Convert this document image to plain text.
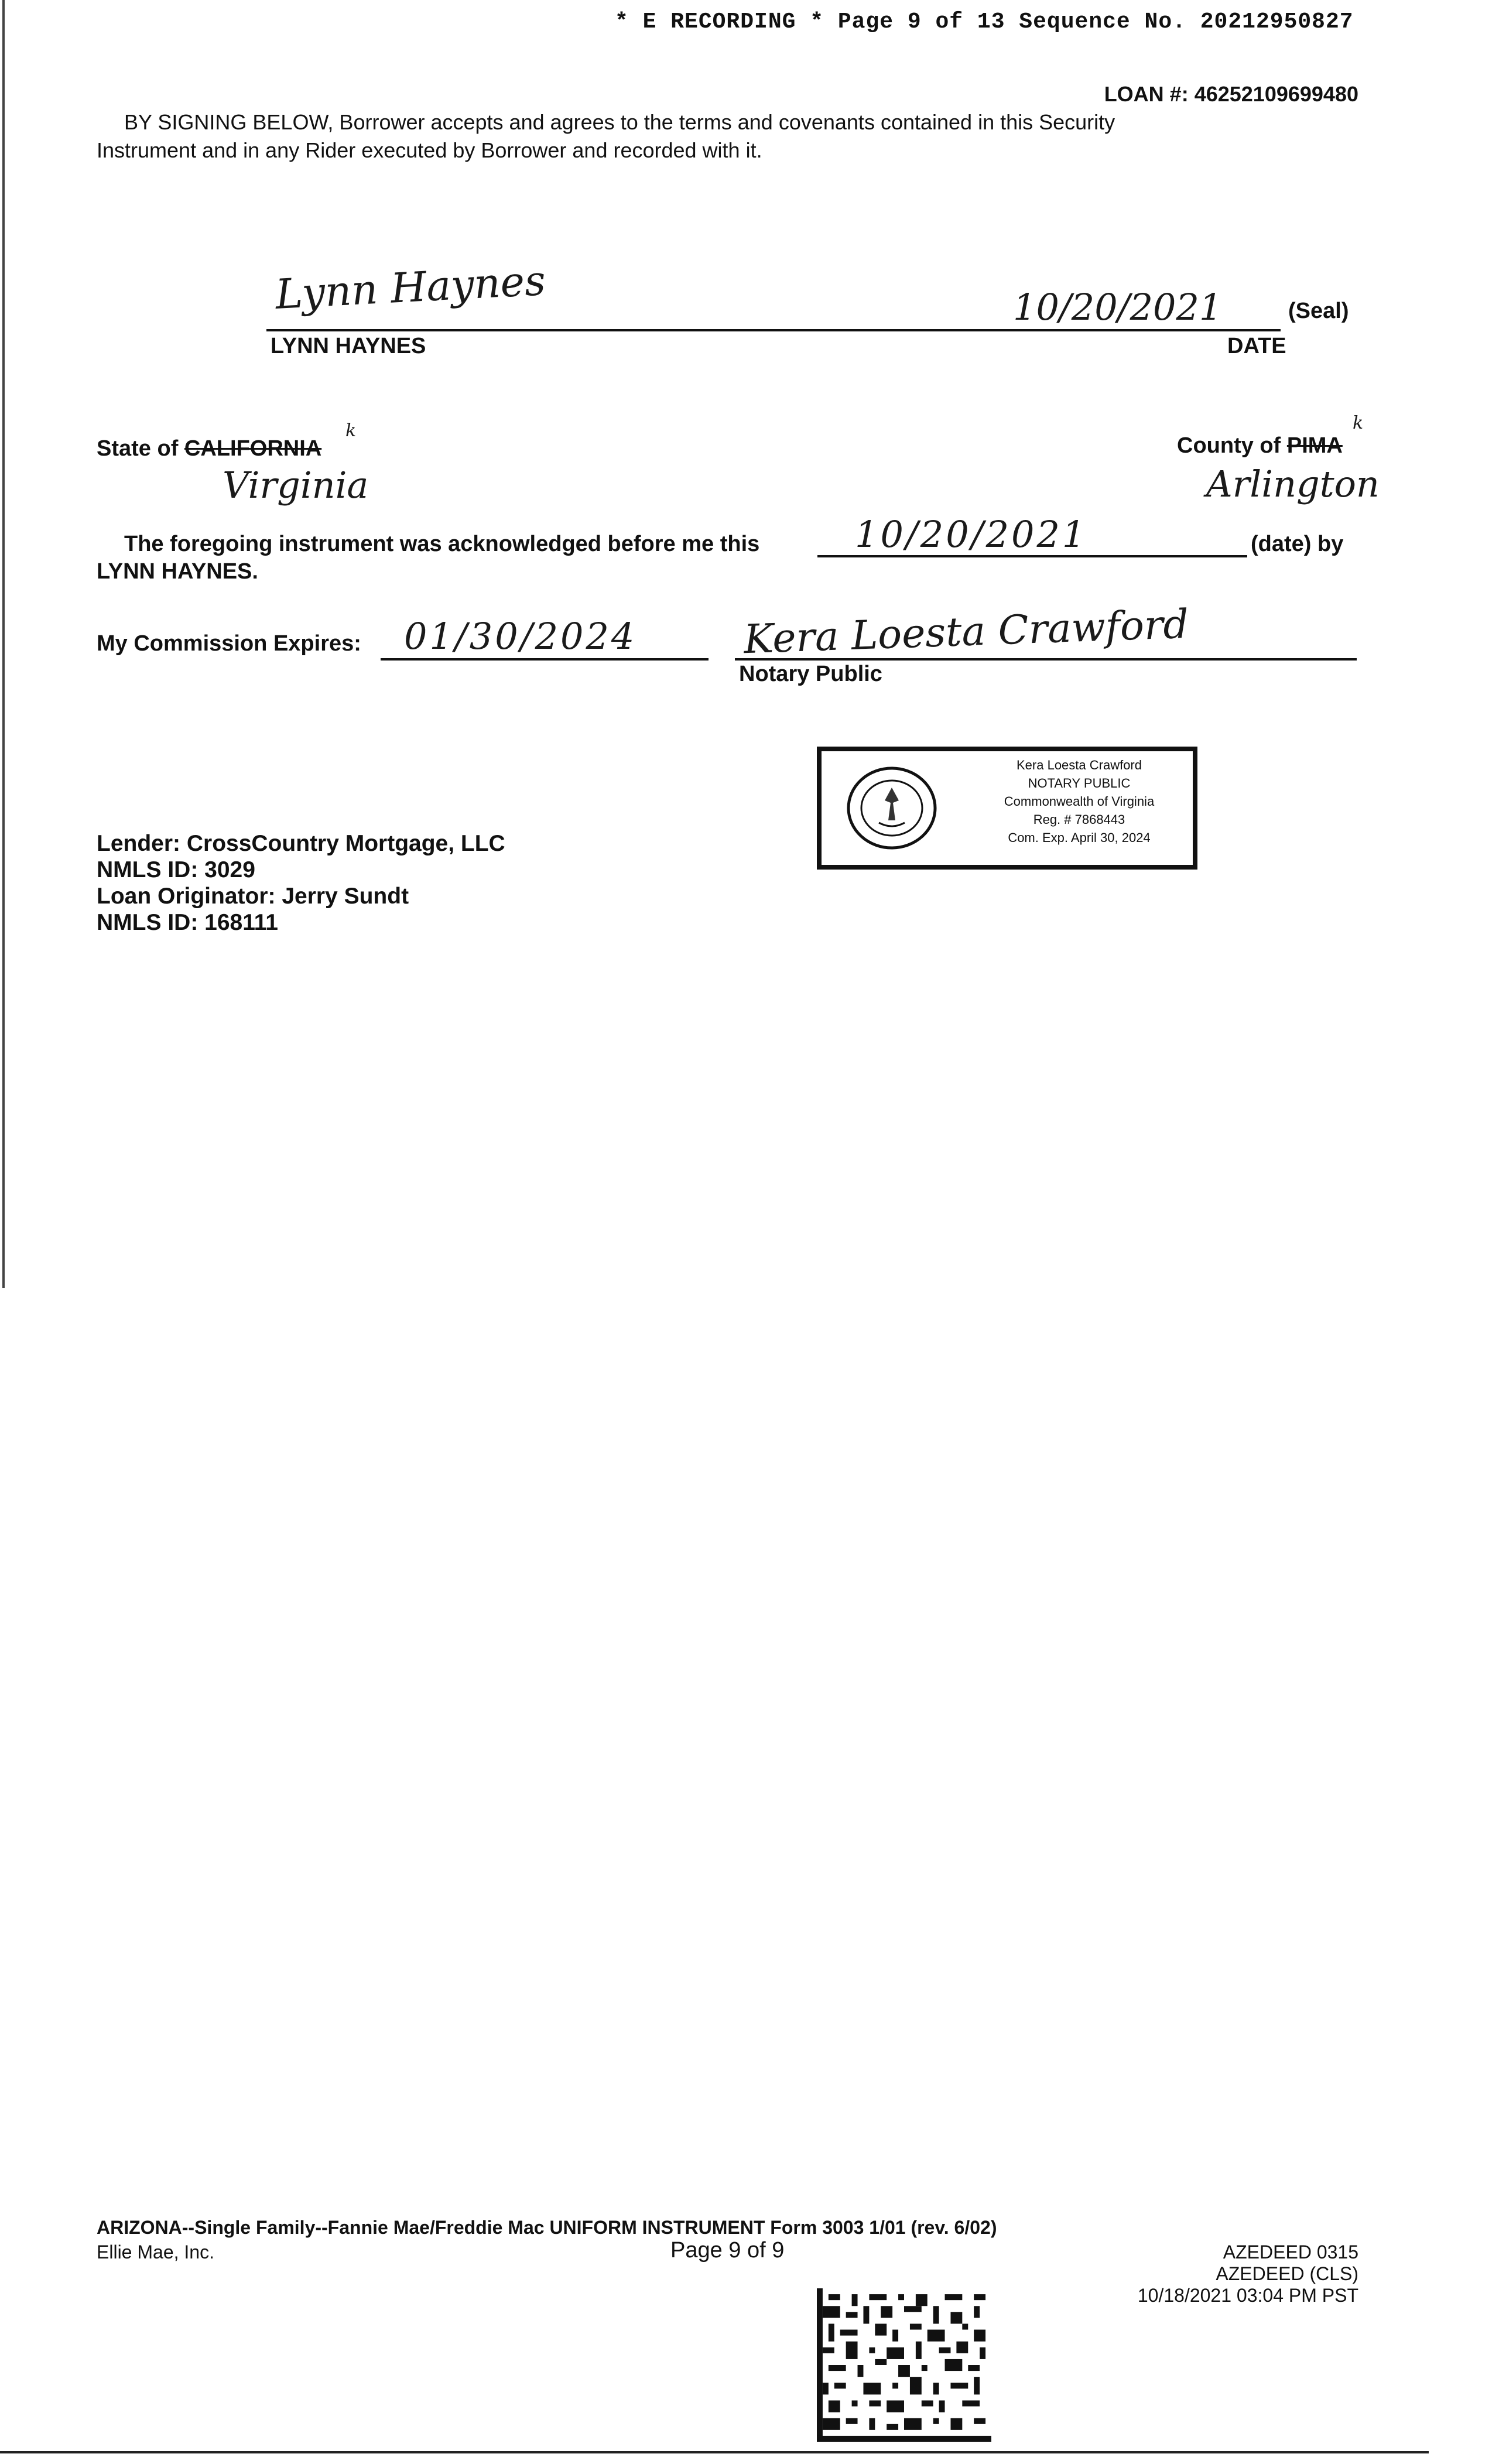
* E RECORDING * Page 9 of 13 Sequence No. 20212950827
LOAN #: 46252109699480
BY SIGNING BELOW, Borrower accepts and agrees to the terms and covenants contained in this Security
Instrument and in any Rider executed by Borrower and recorded with it.
Lynn Haynes	10/20/2021	(Seal)
LYNN HAYNES	DATE
State of CALIFORNIA
k
Virginia
County of PIMA
k
Arlington
The foregoing instrument was acknowledged before me this	10/20/2021	(date) by
LYNN HAYNES.
My Commission Expires: 01/30/2024	Kera Loesta Crawford
Notary Public
Kera Loesta Crawford
NOTARY PUBLIC
Commonwealth of Virginia
Reg. # 7868443
Com. Exp. April 30, 2024
Lender: CrossCountry Mortgage, LLC
NMLS ID: 3029
Loan Originator: Jerry Sundt
NMLS ID: 168111
ARIZONA--Single Family--Fannie Mae/Freddie Mac UNIFORM INSTRUMENT Form 3003 1/01 (rev. 6/02)
Ellie Mae, Inc.	Page 9 of 9	AZEDEED 0315
AZEDEED (CLS)
10/18/2021 03:04 PM PST
